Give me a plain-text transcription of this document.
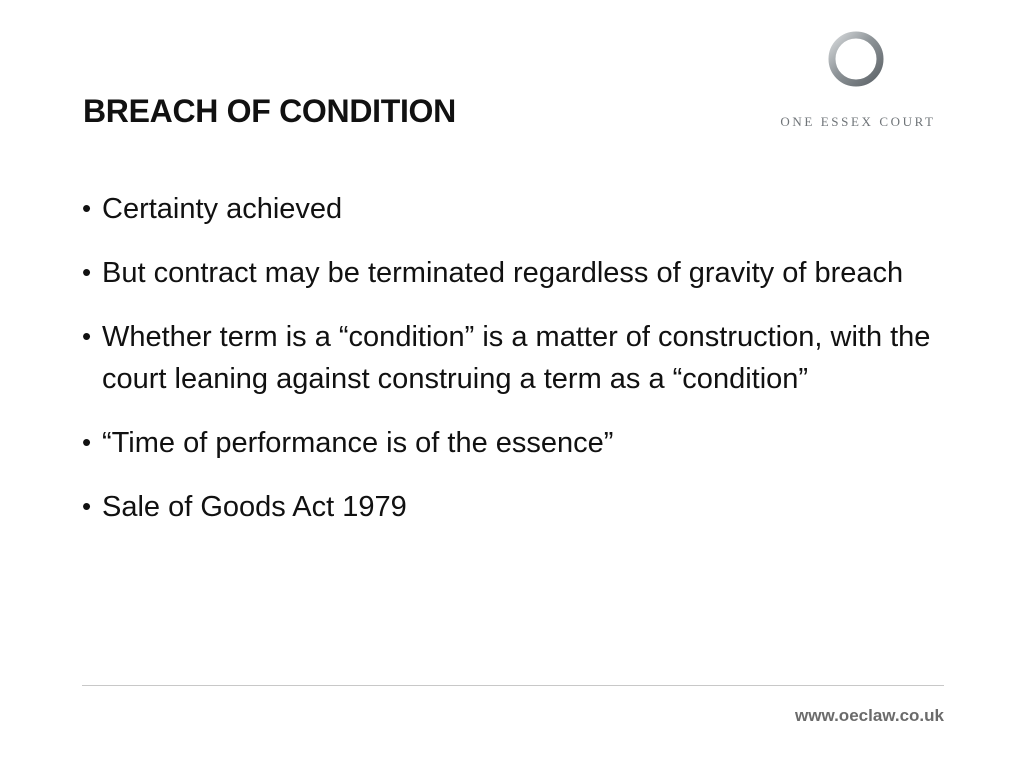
BREACH OF CONDITION	ONE ESSEX COURT
• Certainty achieved
• But contract may be terminated regardless of gravity of breach
• Whether term is a “condition” is a matter of construction, with the court leaning against construing a term as a “condition”
• “Time of performance is of the essence”
• Sale of Goods Act 1979
www.oeclaw.co.uk
